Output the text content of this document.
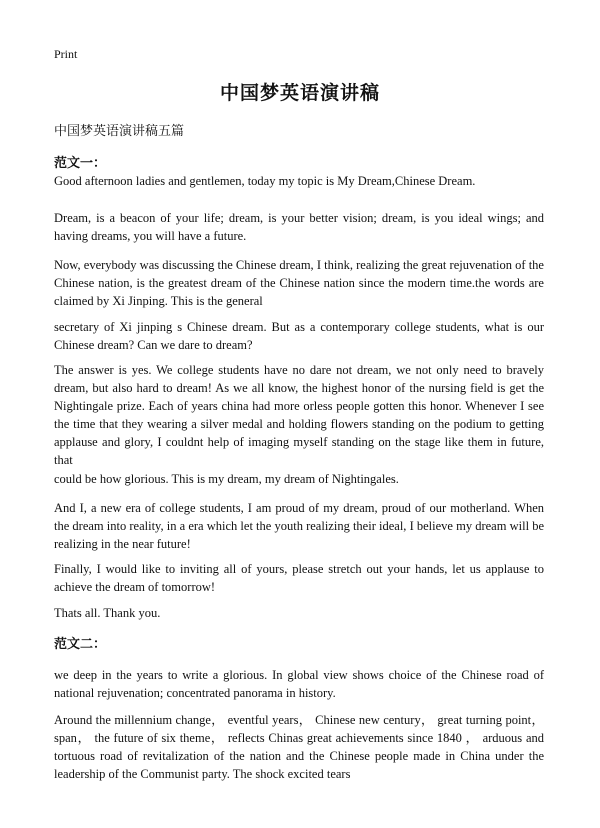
Print
中国梦英语演讲稿
中国梦英语演讲稿五篇
范文一：

Good afternoon ladies and gentlemen, today my topic is My Dream,Chinese Dream.

Dream, is a beacon of your life; dream, is your better vision; dream, is you ideal wings; and having dreams, you will have a future.

Now, everybody was discussing the Chinese dream, I think, realizing the great rejuvenation of the Chinese nation, is the greatest dream of the Chinese nation since the modern time.the words are claimed by Xi Jinping. This is the general

secretary of Xi jinping s Chinese dream. But as a contemporary college students, what is our Chinese dream? Can we dare to dream?

The answer is yes. We college students have no dare not dream, we not only need to bravely dream, but also hard to dream! As we all know, the highest honor of the nursing field is get the Nightingale prize. Each of years china had more orless people gotten this honor. Whenever I see the time that they wearing a silver medal and holding flowers standing on the podium to getting applause and glory, I couldnt help of imaging myself standing on the stage like them in future, that

could be how glorious. This is my dream, my dream of Nightingales.

And I, a new era of college students, I am proud of my dream, proud of our motherland. When the dream into reality, in a era which let the youth realizing their ideal, I believe my dream will be realizing in the near future!

Finally, I would like to inviting all of yours, please stretch out your hands, let us applause to achieve the dream of tomorrow!

Thats all. Thank you.

范文二：

we deep in the years to write a glorious. In global view shows choice of the Chinese road of national rejuvenation; concentrated panorama in history.

Around the millennium change， eventful years， Chinese new century， great turning point， span， the future of six theme， reflects Chinas great achievements since 1840 ， arduous and tortuous road of revitalization of the nation and the Chinese people made in China under the leadership of the Communist party. The shock excited tears
